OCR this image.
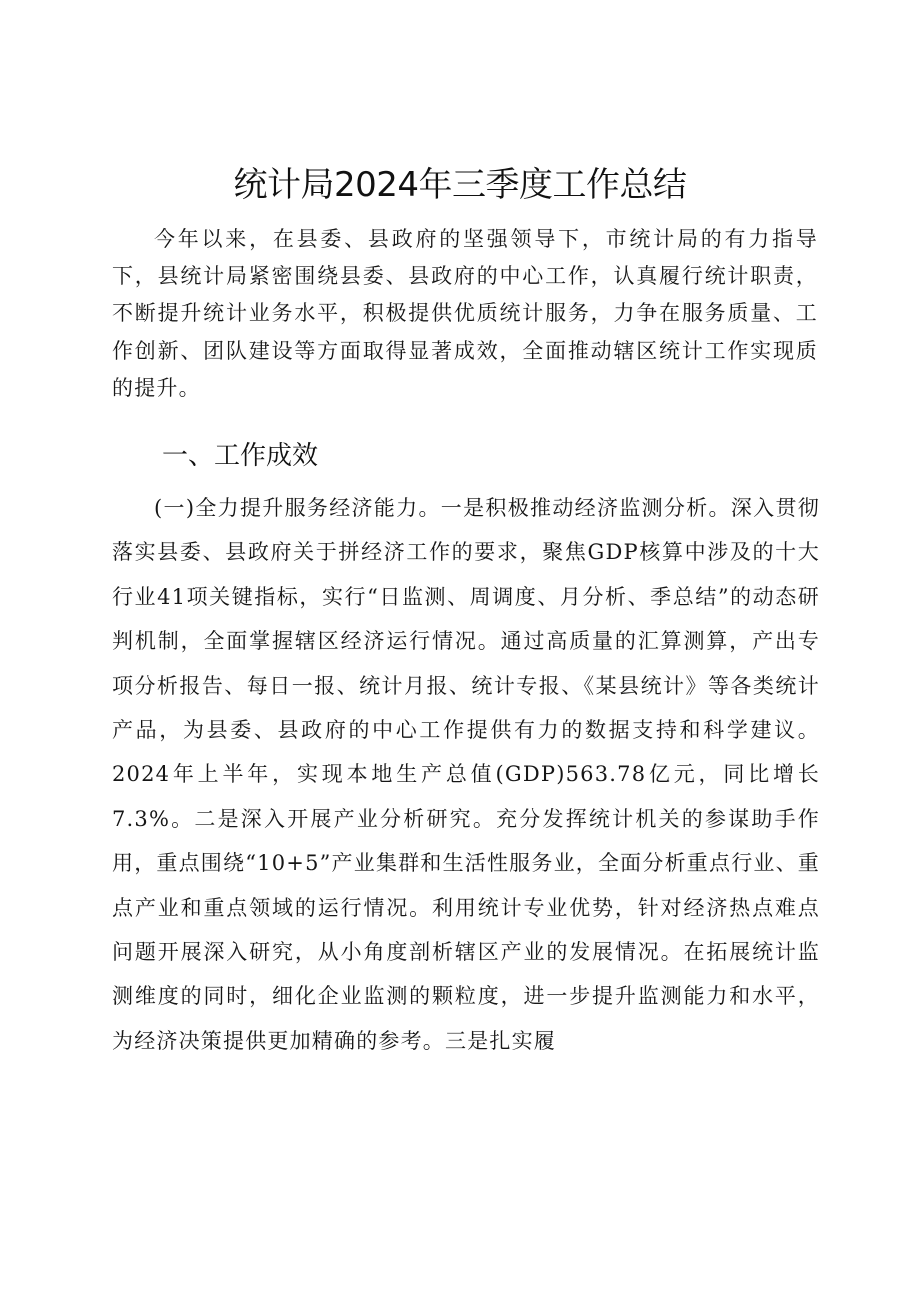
统计局2024年三季度工作总结

今年以来，在县委、县政府的坚强领导下，市统计局的有力指导下，县统计局紧密围绕县委、县政府的中心工作，认真履行统计职责，不断提升统计业务水平，积极提供优质统计服务，力争在服务质量、工作创新、团队建设等方面取得显著成效，全面推动辖区统计工作实现质的提升。

一、工作成效

(一)全力提升服务经济能力。一是积极推动经济监测分析。深入贯彻落实县委、县政府关于拼经济工作的要求，聚焦GDP核算中涉及的十大行业41项关键指标，实行“日监测、周调度、月分析、季总结”的动态研判机制，全面掌握辖区经济运行情况。通过高质量的汇算测算，产出专项分析报告、每日一报、统计月报、统计专报、《某县统计》等各类统计产品，为县委、县政府的中心工作提供有力的数据支持和科学建议。2024年上半年，实现本地生产总值(GDP)563.78亿元，同比增长7.3%。二是深入开展产业分析研究。充分发挥统计机关的参谋助手作用，重点围绕“10+5”产业集群和生活性服务业，全面分析重点行业、重点产业和重点领域的运行情况。利用统计专业优势，针对经济热点难点问题开展深入研究，从小角度剖析辖区产业的发展情况。在拓展统计监测维度的同时，细化企业监测的颗粒度，进一步提升监测能力和水平，为经济决策提供更加精确的参考。三是扎实履
